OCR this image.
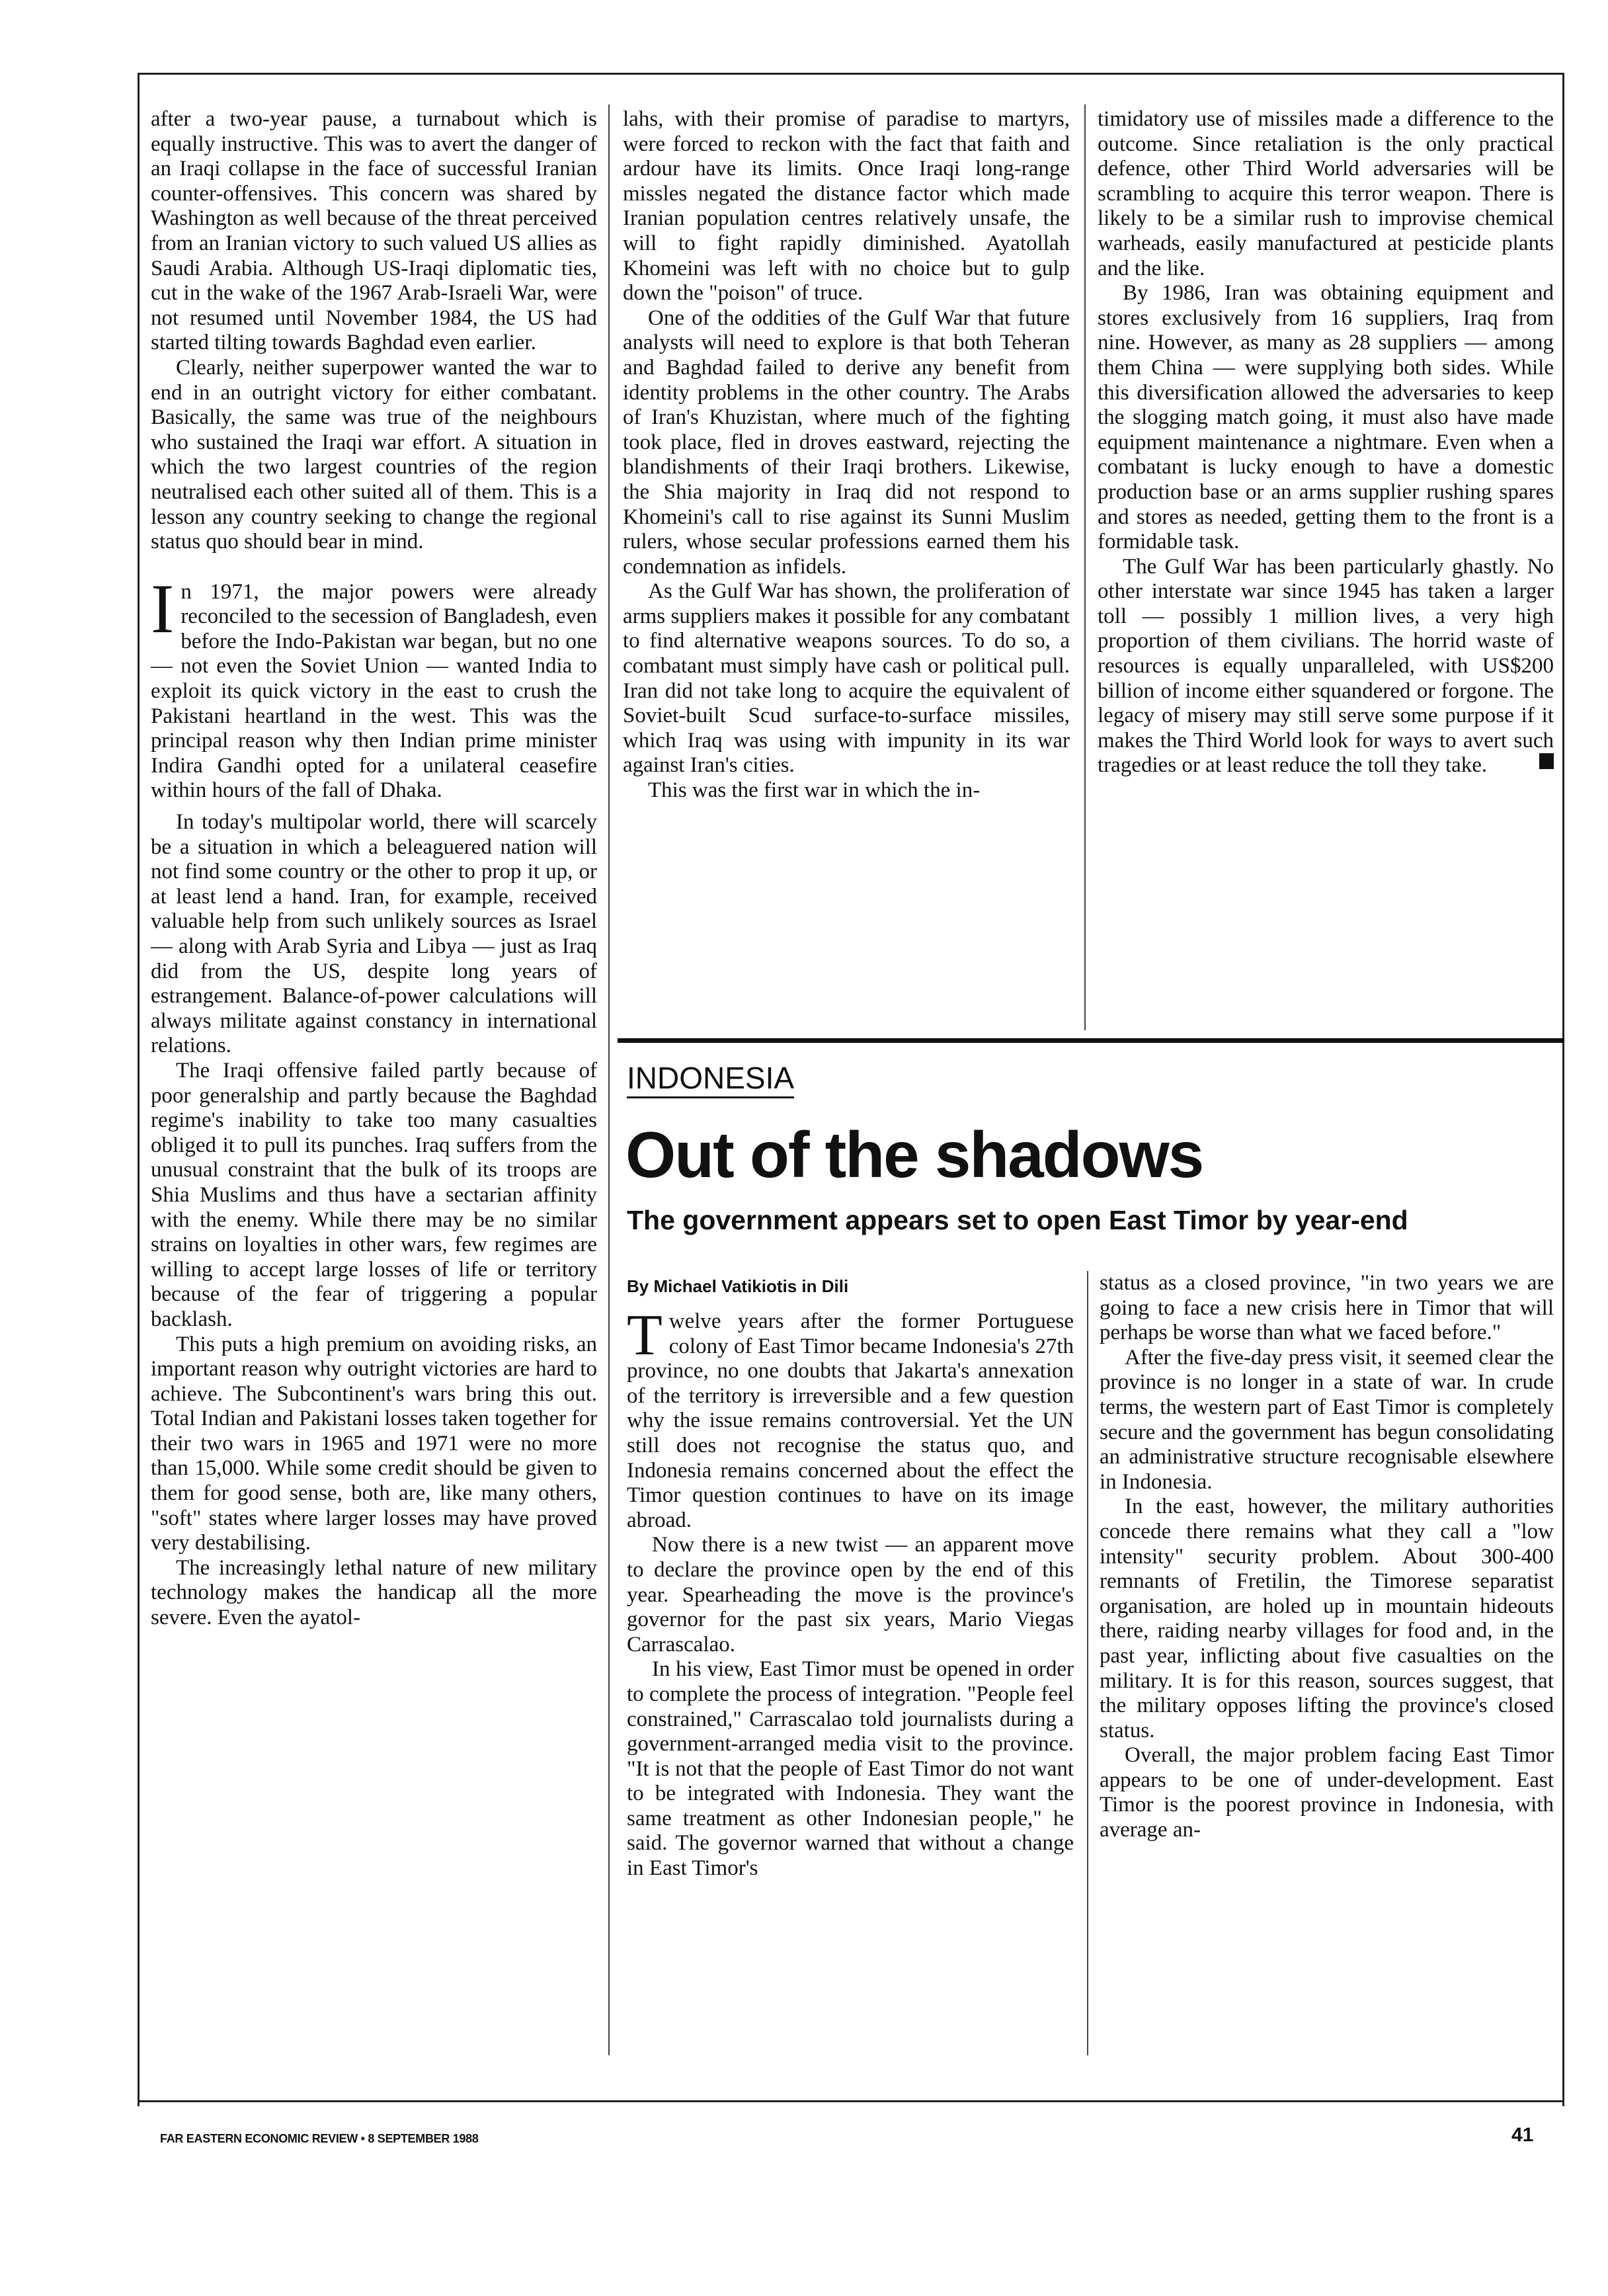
after a two-year pause, a turnabout which is equally instructive. This was to avert the danger of an Iraqi collapse in the face of successful Iranian counter-offensives. This concern was shared by Washington as well because of the threat perceived from an Iranian victory to such valued US allies as Saudi Arabia. Although US-Iraqi diplomatic ties, cut in the wake of the 1967 Arab-Israeli War, were not resumed until November 1984, the US had started tilting towards Baghdad even earlier.

Clearly, neither superpower wanted the war to end in an outright victory for either combatant. Basically, the same was true of the neighbours who sustained the Iraqi war effort. A situation in which the two largest countries of the region neutralised each other suited all of them. This is a lesson any country seeking to change the regional status quo should bear in mind.

In 1971, the major powers were already reconciled to the secession of Bangladesh, even before the Indo-Pakistan war began, but no one — not even the Soviet Union — wanted India to exploit its quick victory in the east to crush the Pakistani heartland in the west. This was the principal reason why then Indian prime minister Indira Gandhi opted for a unilateral ceasefire within hours of the fall of Dhaka.

In today's multipolar world, there will scarcely be a situation in which a beleaguered nation will not find some country or the other to prop it up, or at least lend a hand. Iran, for example, received valuable help from such unlikely sources as Israel — along with Arab Syria and Libya — just as Iraq did from the US, despite long years of estrangement. Balance-of-power calculations will always militate against constancy in international relations.

The Iraqi offensive failed partly because of poor generalship and partly because the Baghdad regime's inability to take too many casualties obliged it to pull its punches. Iraq suffers from the unusual constraint that the bulk of its troops are Shia Muslims and thus have a sectarian affinity with the enemy. While there may be no similar strains on loyalties in other wars, few regimes are willing to accept large losses of life or territory because of the fear of triggering a popular backlash.

This puts a high premium on avoiding risks, an important reason why outright victories are hard to achieve. The Subcontinent's wars bring this out. Total Indian and Pakistani losses taken together for their two wars in 1965 and 1971 were no more than 15,000. While some credit should be given to them for good sense, both are, like many others, "soft" states where larger losses may have proved very destabilising.

The increasingly lethal nature of new military technology makes the handicap all the more severe. Even the ayatol-

lahs, with their promise of paradise to martyrs, were forced to reckon with the fact that faith and ardour have its limits. Once Iraqi long-range missles negated the distance factor which made Iranian population centres relatively unsafe, the will to fight rapidly diminished. Ayatollah Khomeini was left with no choice but to gulp down the "poison" of truce.

One of the oddities of the Gulf War that future analysts will need to explore is that both Teheran and Baghdad failed to derive any benefit from identity problems in the other country. The Arabs of Iran's Khuzistan, where much of the fighting took place, fled in droves eastward, rejecting the blandishments of their Iraqi brothers. Likewise, the Shia majority in Iraq did not respond to Khomeini's call to rise against its Sunni Muslim rulers, whose secular professions earned them his condemnation as infidels.

As the Gulf War has shown, the proliferation of arms suppliers makes it possible for any combatant to find alternative weapons sources. To do so, a combatant must simply have cash or political pull. Iran did not take long to acquire the equivalent of Soviet-built Scud surface-to-surface missiles, which Iraq was using with impunity in its war against Iran's cities.

This was the first war in which the in-

timidatory use of missiles made a difference to the outcome. Since retaliation is the only practical defence, other Third World adversaries will be scrambling to acquire this terror weapon. There is likely to be a similar rush to improvise chemical warheads, easily manufactured at pesticide plants and the like.

By 1986, Iran was obtaining equipment and stores exclusively from 16 suppliers, Iraq from nine. However, as many as 28 suppliers — among them China — were supplying both sides. While this diversification allowed the adversaries to keep the slogging match going, it must also have made equipment maintenance a nightmare. Even when a combatant is lucky enough to have a domestic production base or an arms supplier rushing spares and stores as needed, getting them to the front is a formidable task.

The Gulf War has been particularly ghastly. No other interstate war since 1945 has taken a larger toll — possibly 1 million lives, a very high proportion of them civilians. The horrid waste of resources is equally unparalleled, with US$200 billion of income either squandered or forgone. The legacy of misery may still serve some purpose if it makes the Third World look for ways to avert such tragedies or at least reduce the toll they take.

INDONESIA
Out of the shadows
The government appears set to open East Timor by year-end
By Michael Vatikiotis in Dili

Twelve years after the former Portuguese colony of East Timor became Indonesia's 27th province, no one doubts that Jakarta's annexation of the territory is irreversible and a few question why the issue remains controversial. Yet the UN still does not recognise the status quo, and Indonesia remains concerned about the effect the Timor question continues to have on its image abroad.

Now there is a new twist — an apparent move to declare the province open by the end of this year. Spearheading the move is the province's governor for the past six years, Mario Viegas Carrascalao.

In his view, East Timor must be opened in order to complete the process of integration. "People feel constrained," Carrascalao told journalists during a government-arranged media visit to the province. "It is not that the people of East Timor do not want to be integrated with Indonesia. They want the same treatment as other Indonesian people," he said. The governor warned that without a change in East Timor's

status as a closed province, "in two years we are going to face a new crisis here in Timor that will perhaps be worse than what we faced before."

After the five-day press visit, it seemed clear the province is no longer in a state of war. In crude terms, the western part of East Timor is completely secure and the government has begun consolidating an administrative structure recognisable elsewhere in Indonesia.

In the east, however, the military authorities concede there remains what they call a "low intensity" security problem. About 300-400 remnants of Fretilin, the Timorese separatist organisation, are holed up in mountain hideouts there, raiding nearby villages for food and, in the past year, inflicting about five casualties on the military. It is for this reason, sources suggest, that the military opposes lifting the province's closed status.

Overall, the major problem facing East Timor appears to be one of under-development. East Timor is the poorest province in Indonesia, with average an-

FAR EASTERN ECONOMIC REVIEW • 8 SEPTEMBER 1988	41
